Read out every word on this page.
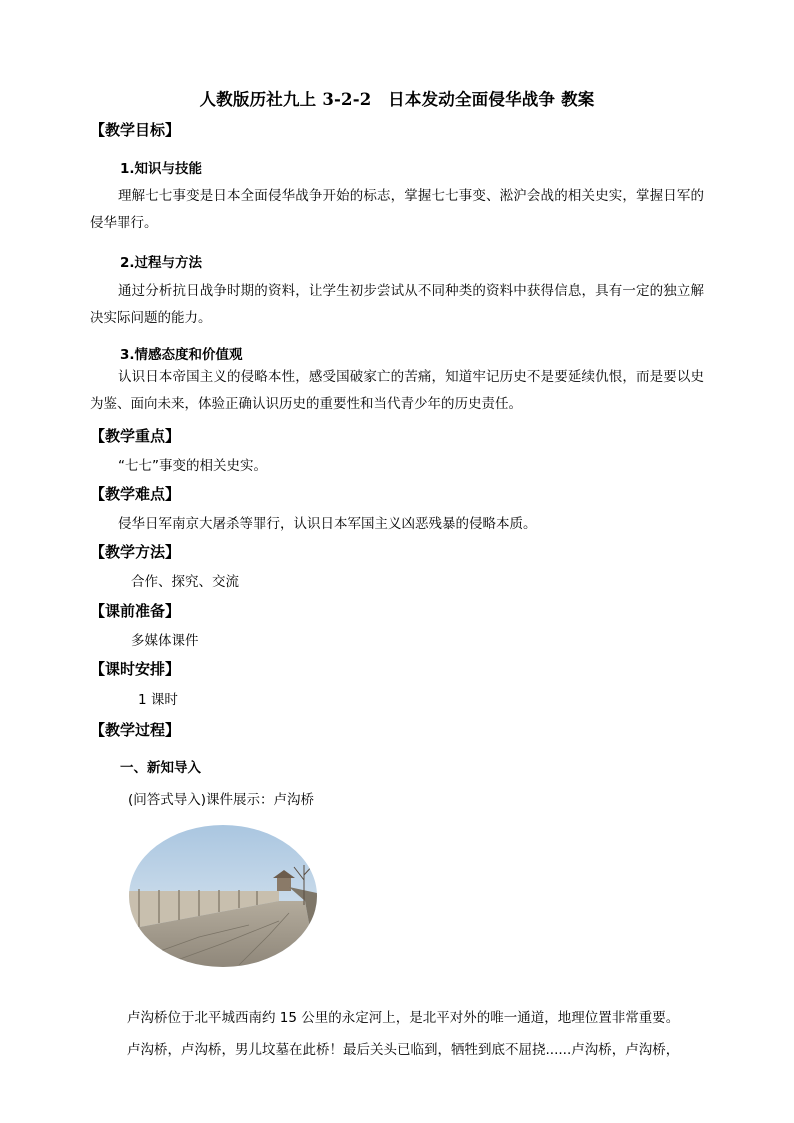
人教版历社九上 3-2-2　日本发动全面侵华战争 教案
【教学目标】
1.知识与技能
理解七七事变是日本全面侵华战争开始的标志，掌握七七事变、淞沪会战的相关史实，掌握日军的侵华罪行。
2.过程与方法
通过分析抗日战争时期的资料，让学生初步尝试从不同种类的资料中获得信息，具有一定的独立解决实际问题的能力。
3.情感态度和价值观
认识日本帝国主义的侵略本性，感受国破家亡的苦痛，知道牢记历史不是要延续仇恨，而是要以史为鉴、面向未来，体验正确认识历史的重要性和当代青少年的历史责任。
【教学重点】
“七七”事变的相关史实。
【教学难点】
侵华日军南京大屠杀等罪行，认识日本军国主义凶恶残暴的侵略本质。
【教学方法】
合作、探究、交流
【课前准备】
多媒体课件
【课时安排】
1 课时
【教学过程】
一、新知导入
(问答式导入)课件展示：卢沟桥
卢沟桥位于北平城西南约 15 公里的永定河上，是北平对外的唯一通道，地理位置非常重要。
卢沟桥，卢沟桥，男儿坟墓在此桥！最后关头已临到，牺牲到底不屈挠......卢沟桥，卢沟桥，
